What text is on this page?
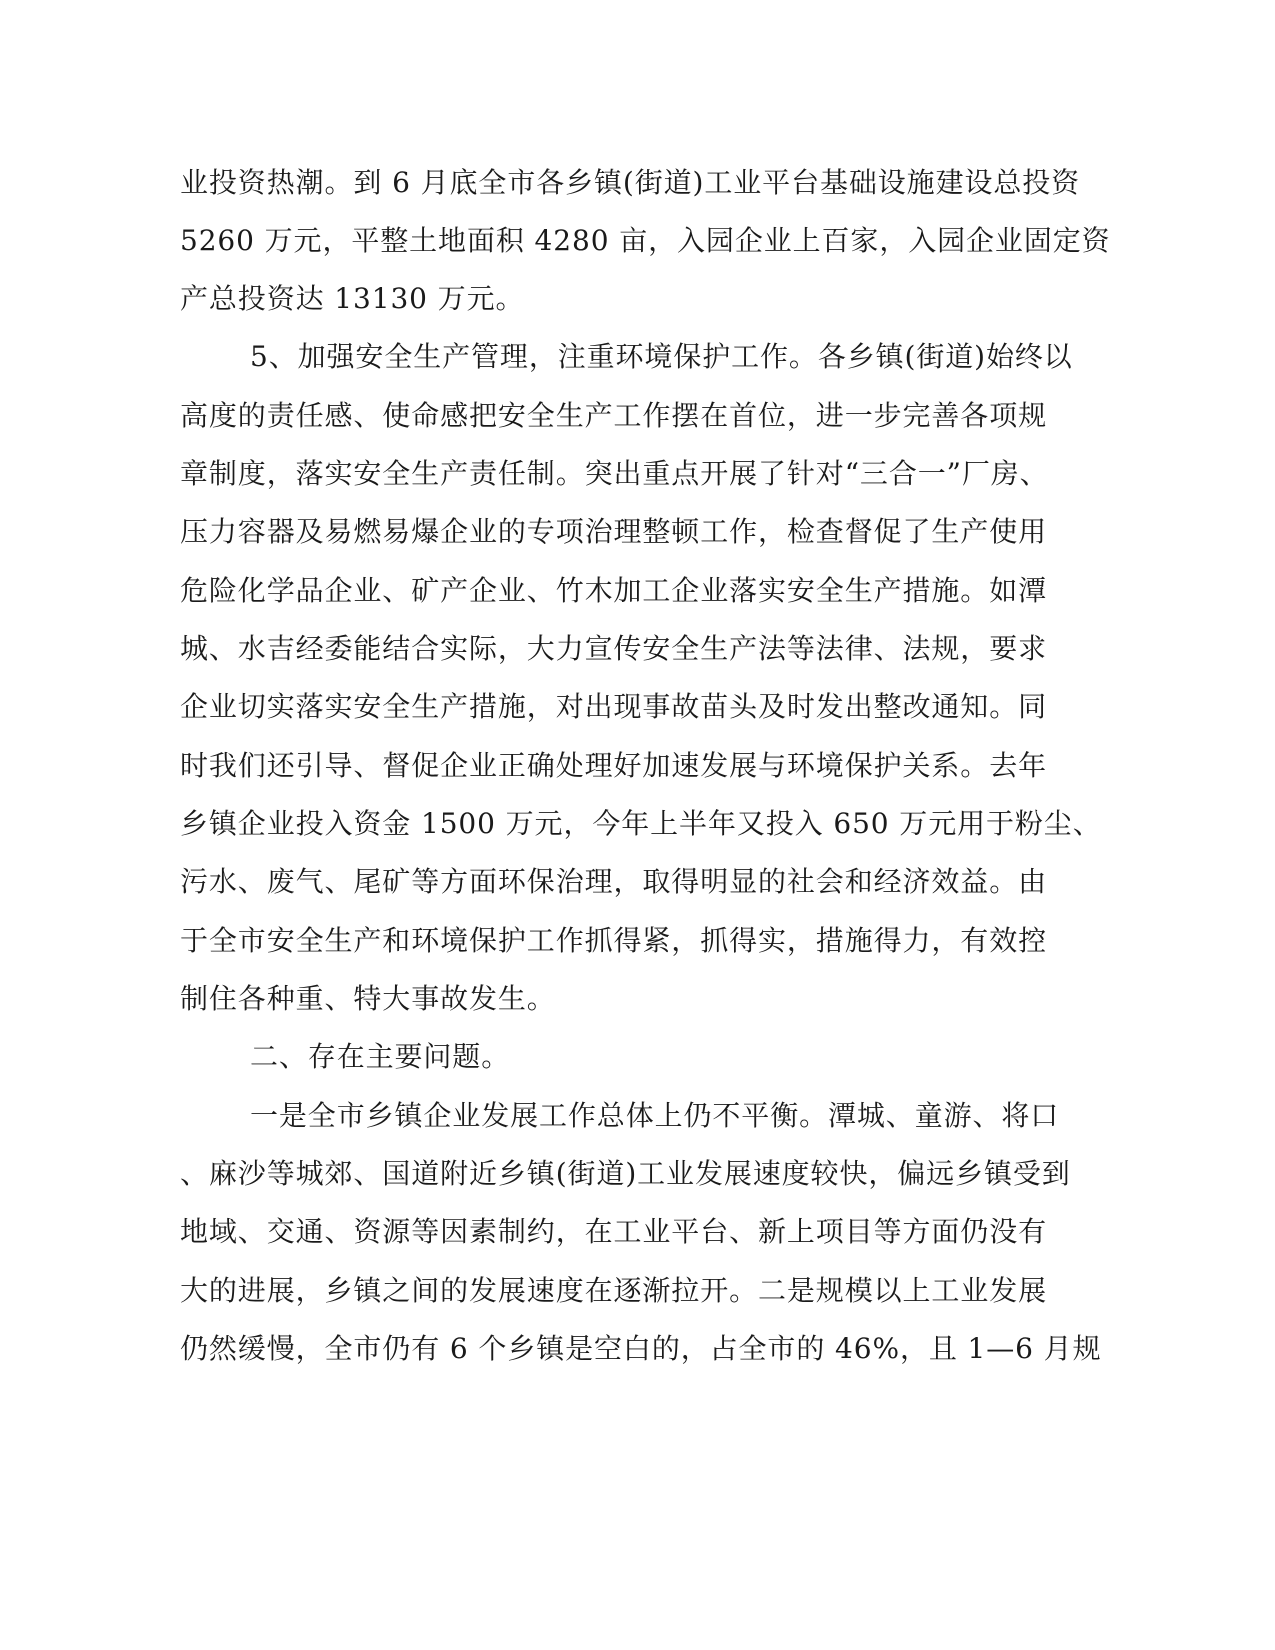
业投资热潮。到 6 月底全市各乡镇(街道)工业平台基础设施建设总投资
5260 万元，平整土地面积 4280 亩，入园企业上百家，入园企业固定资
产总投资达 13130 万元。
5、加强安全生产管理，注重环境保护工作。各乡镇(街道)始终以
高度的责任感、使命感把安全生产工作摆在首位，进一步完善各项规
章制度，落实安全生产责任制。突出重点开展了针对“三合一”厂房、
压力容器及易燃易爆企业的专项治理整顿工作，检查督促了生产使用
危险化学品企业、矿产企业、竹木加工企业落实安全生产措施。如潭
城、水吉经委能结合实际，大力宣传安全生产法等法律、法规，要求
企业切实落实安全生产措施，对出现事故苗头及时发出整改通知。同
时我们还引导、督促企业正确处理好加速发展与环境保护关系。去年
乡镇企业投入资金 1500 万元，今年上半年又投入 650 万元用于粉尘、
污水、废气、尾矿等方面环保治理，取得明显的社会和经济效益。由
于全市安全生产和环境保护工作抓得紧，抓得实，措施得力，有效控
制住各种重、特大事故发生。
二、存在主要问题。
一是全市乡镇企业发展工作总体上仍不平衡。潭城、童游、将口
、麻沙等城郊、国道附近乡镇(街道)工业发展速度较快，偏远乡镇受到
地域、交通、资源等因素制约，在工业平台、新上项目等方面仍没有
大的进展，乡镇之间的发展速度在逐渐拉开。二是规模以上工业发展
仍然缓慢，全市仍有 6 个乡镇是空白的，占全市的 46%，且 1—6 月规
